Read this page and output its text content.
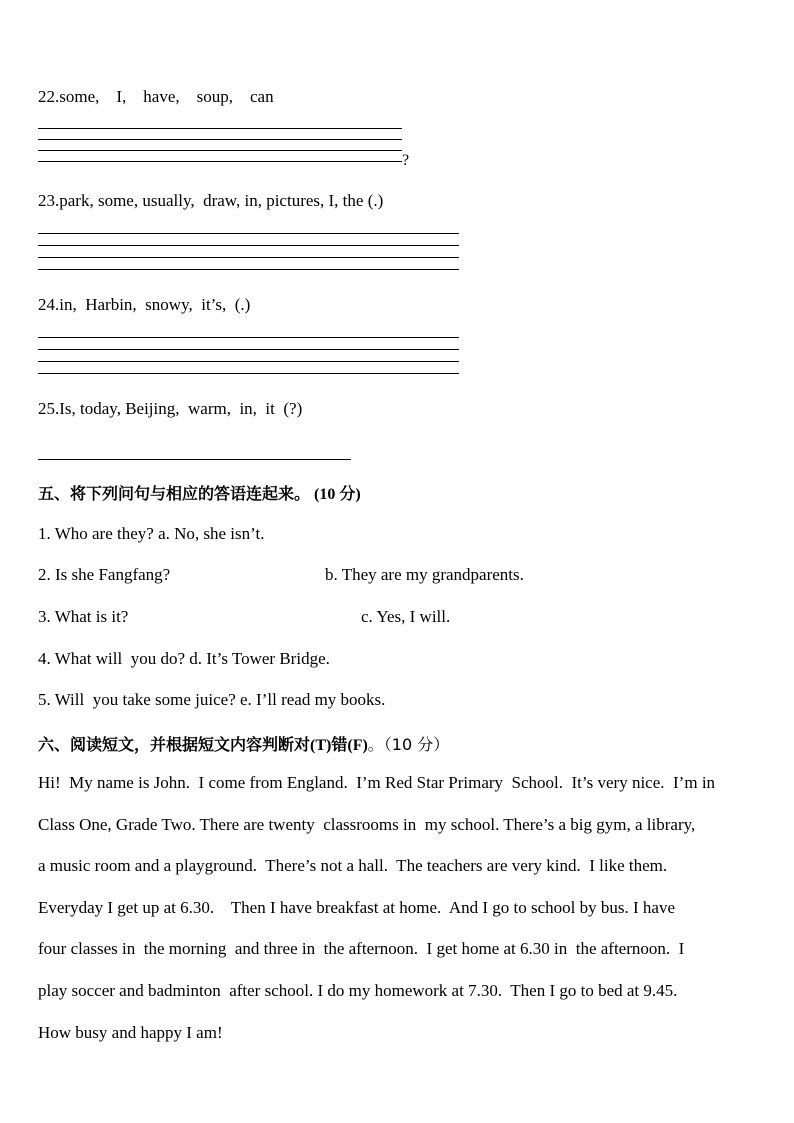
22.some,    I,    have,    soup,    can
?
23.park, some, usually,  draw, in, pictures, I, the (.)
24.in,  Harbin,  snowy,  it’s,  (.)
25.Is, today, Beijing,  warm,  in,  it  (?)
五、将下列问句与相应的答语连起来。 (10 分)
1. Who are they? a. No, she isn’t.
2. Is she Fangfang?	b. They are my grandparents.
3. What is it?	c. Yes, I will.
4. What will  you do? d. It’s Tower Bridge.
5. Will  you take some juice? e. I’ll read my books.
六、阅读短文，并根据短文内容判断对(T)错(F)。（10 分）

Hi!  My name is John.  I come from England.  I’m Red Star Primary  School.  It’s very nice.  I’m in

Class One, Grade Two. There are twenty  classrooms in  my school. There’s a big gym, a library,

a music room and a playground.  There’s not a hall.  The teachers are very kind.  I like them.

Everyday I get up at 6.30.    Then I have breakfast at home.  And I go to school by bus. I have

four classes in  the morning  and three in  the afternoon.  I get home at 6.30 in  the afternoon.  I

play soccer and badminton  after school. I do my homework at 7.30.  Then I go to bed at 9.45.

How busy and happy I am!
